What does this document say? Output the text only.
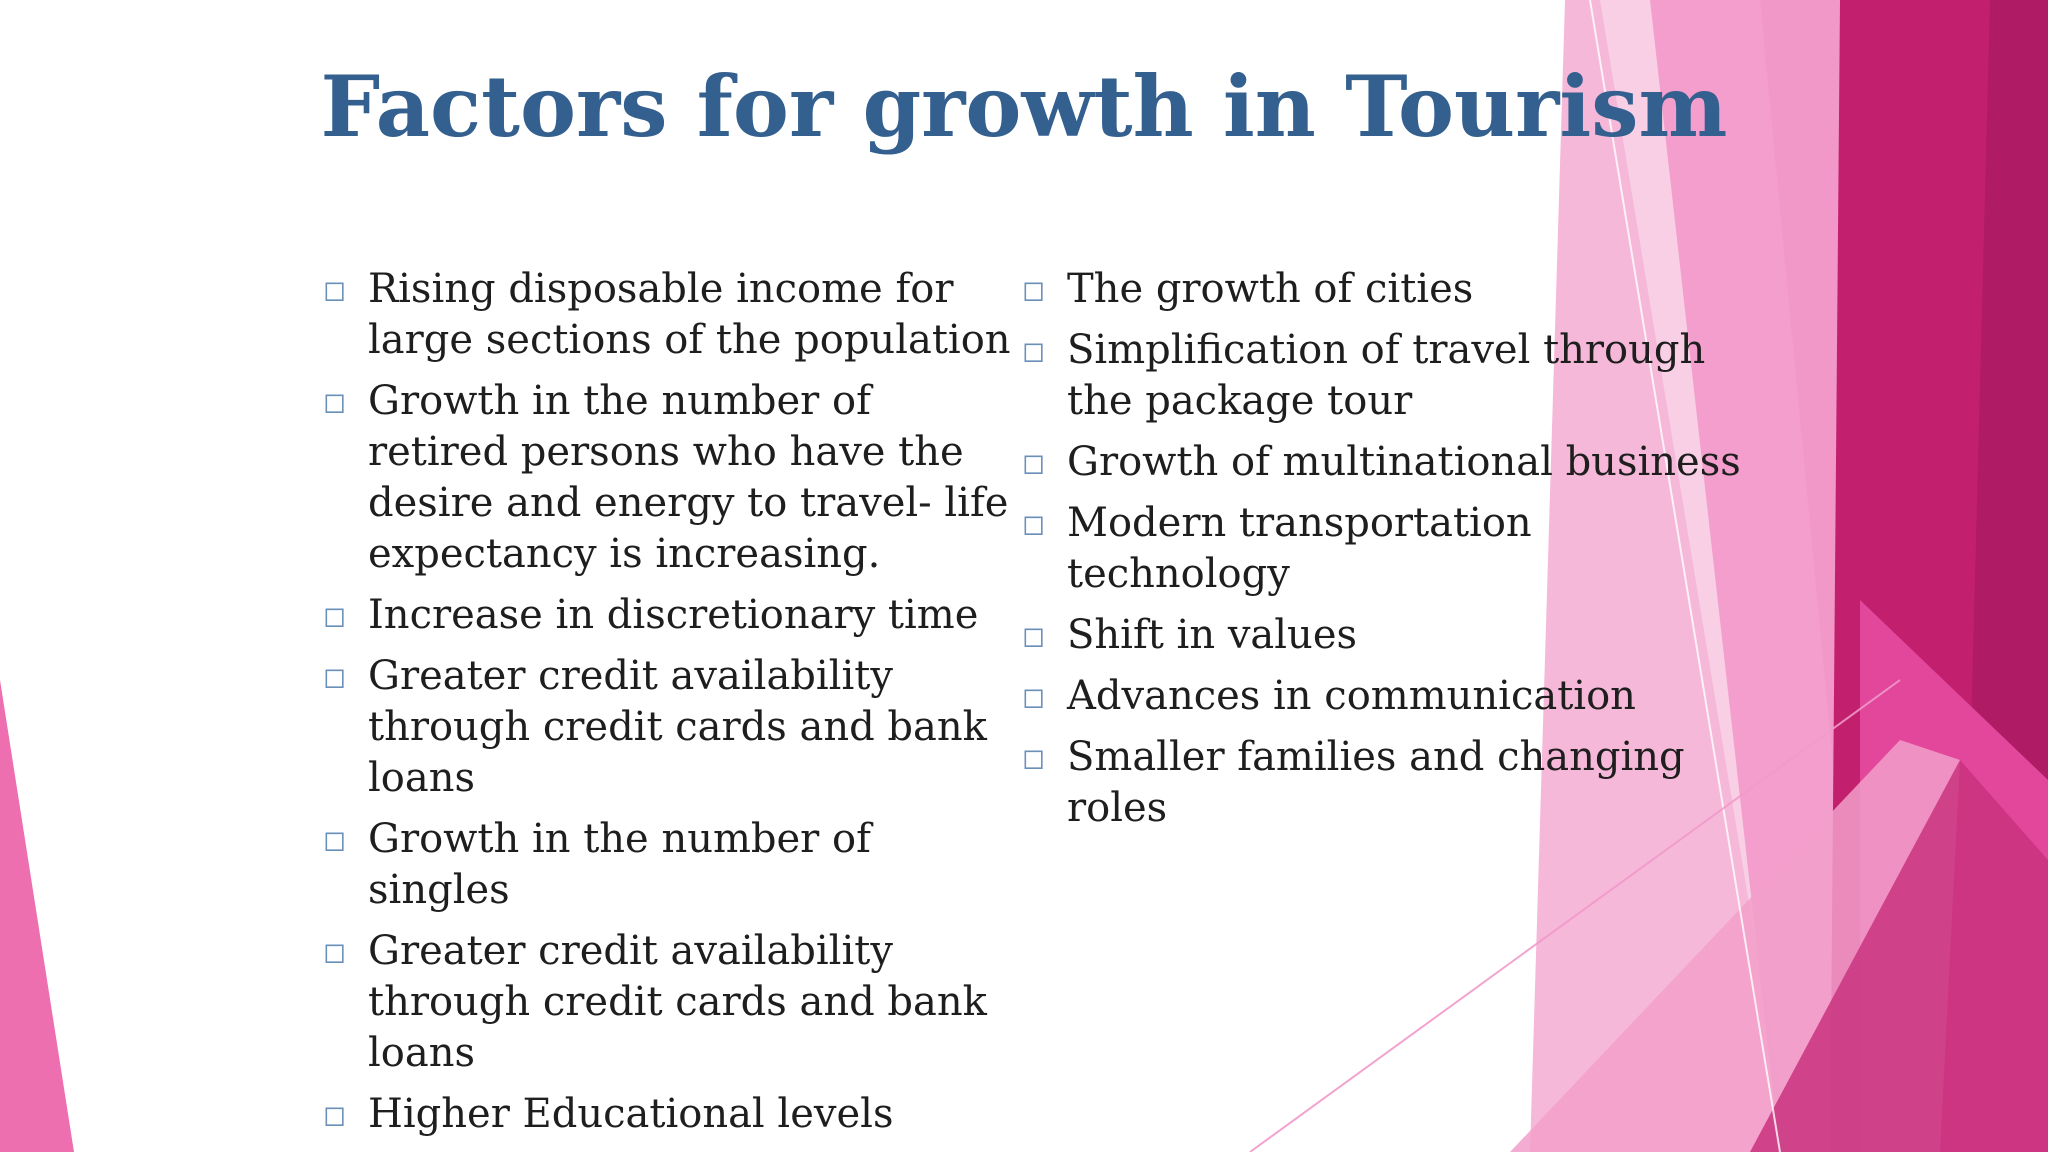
Factors for growth in Tourism
◻ Rising disposable income for large sections of the population
◻ Growth in the number of retired persons who have the desire and energy to travel- life expectancy is increasing.
◻ Increase in discretionary time
◻ Greater credit availability through credit cards and bank loans
◻ Growth in the number of singles
◻ Greater credit availability through credit cards and bank loans
◻ Higher Educational levels
◻ The growth of cities
◻ Simplification of travel through the package tour
◻ Growth of multinational business
◻ Modern transportation technology
◻ Shift in values
◻ Advances in communication
◻ Smaller families and changing roles
